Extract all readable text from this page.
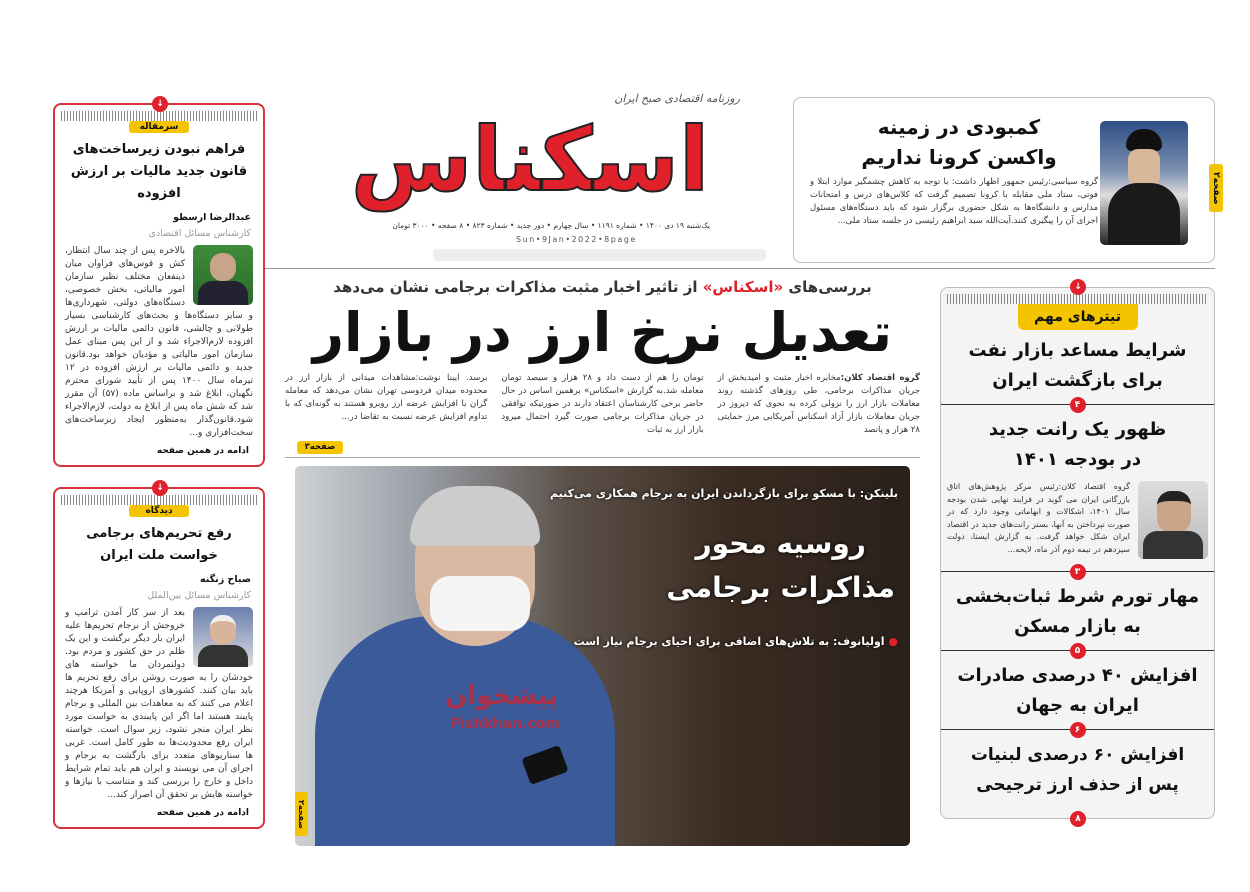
صفحه۲
کمبودی در زمینه
واکسن کرونا نداریم
گروه سیاسی:رئیس جمهور اظهار داشت: با توجه به کاهش چشمگیر موارد ابتلا و فوتی، ستاد ملی مقابله با کرونا تصمیم گرفت که کلاس‌های درس و امتحانات مدارس و دانشگاه‌ها به شکل حضوری برگزار شود که باید دستگاه‌های مسئول اجرای آن را پیگیری کنند.آیت‌الله سید ابراهیم رئیسی در جلسه ستاد ملی...
روزنامه اقتصادی صبح ایران
اسکناس
یک‌شنبه ۱۹ دی ۱۴۰۰ • شماره ۱۱۹۱ • سال چهارم • دور جدید • شماره ۸۲۳ • ۸ صفحه • ۳۰۰۰ تومان
Sun•9Jan•2022•8page
↓
سرمقاله
فراهم نبودن زیرساخت‌های قانون جدید مالیات بر ارزش افزوده
عبدالرضا ارسطو
کارشناس مسائل اقتصادی
بالاخره پس از چند سال انتظار، کش و قوس‌های فراوان میان ذینفعان مختلف نظیر سازمان امور مالیاتی، بخش خصوصی، دستگاه‌های دولتی، شهرداری‌ها و سایر دستگاه‌ها و بحث‌های کارشناسی بسیار طولانی و چالشی، قانون دائمی مالیات بر ارزش افزوده لازم‌الاجراء شد و از این پس مبنای عمل سازمان امور مالیاتی و مؤدیان خواهد بود.قانون جدید و دائمی مالیات بر ارزش افزوده در ۱۲ تیرماه سال ۱۴۰۰ پس از تأیید شورای محترم نگهبان، ابلاغ شد و براساس ماده (۵۷) آن مقرر شد که شش ماه پس از ابلاغ به دولت، لازم‌الاجراء شود.قانون‌گذار به‌منظور ایجاد زیرساخت‌های سخت‌افزاری و...
ادامه در همین صفحه
↓
دیدگاه
رفع تحریم‌های برجامی خواست ملت ایران
صباح زنگنه
کارشناس مسائل بین‌الملل
بعد از سر کار آمدن ترامپ و خروجش از برجام تحریم‌ها علیه ایران بار دیگر برگشت و این یک ظلم در حق کشور و مردم بود. دولتمردان ما خواسته های خودشان را به صورت روشن برای رفع تحریم ها باید بیان کنند. کشورهای اروپایی و آمریکا هرچند اعلام می کنند که به معاهدات بین المللی و برجام پایبند هستند اما اگر این پایبندی به خواست مورد نظر ایران منجر نشود، زیر سوال است. خواسته ایران رفع محدودیت‌ها به طور کامل است. غربی ها سناریوهای متعدد برای بازگشت به برجام و اجرای آن می نویسند و ایران هم باید تمام شرایط داخل و خارج را بررسی کند و متناسب با نیازها و خواسته هایش بر تحقق آن اصرار کند...
ادامه در همین صفحه
بررسی‌های «اسکناس» از تاثیر اخبار مثبت مذاکرات برجامی نشان می‌دهد
تعدیل نرخ ارز در بازار
گروه اقتصاد کلان:مخابره اخبار مثبت و امیدبخش از جریان مذاکرات برجامی، طی روزهای گذشته روند معاملات بازار ارز را نزولی کرده به نحوی که دیروز در جریان معاملات بازار آزاد اسکناس آمریکایی مرز حمایتی ۲۸ هزار و پانصد
تومان را هم از دست داد و ۲۸ هزار و سیصد تومان معامله شد.به گزارش «اسکناس» برهمین اساس در حال حاضر برخی کارشناسان اعتقاد دارند در صورتیکه توافقی در جریان مذاکرات برجامی صورت گیرد احتمال میرود بازار ارز به ثبات
برسد. ایبنا نوشت:مشاهدات میدانی از بازار ارز در محدوده میدان فردوسی تهران نشان می‌دهد که معامله گران با افزایش عرضه ارز روبرو هستند به گونه‌ای که با تداوم افزایش عرضه نسبت به تقاضا در...
صفحه۳
پیشخوان
Pishkhan.com
بلینکن: با مسکو برای بازگرداندن ایران به برجام همکاری می‌کنیم
روسیه محور
مذاکرات برجامی
● اولیانوف: به تلاش‌های اضافی برای احیای برجام نیاز است
صفحه۲
↓
تیترهای مهم
شرایط مساعد بازار نفت
برای بازگشت ایران
۴
ظهور یک رانت جدید
در بودجه ۱۴۰۱
گروه اقتصاد کلان:رئیس مرکز پژوهش‌های اتاق بازرگانی ایران می گوید در فرایند نهایی شدن بودجه سال ۱۴۰۱، اشکالات و ابهاماتی وجود دارد که در صورت نپرداختن به آنها، بستر رانت‌های جدید در اقتصاد ایران شکل خواهد گرفت. به گزارش ایسنا، دولت سیزدهم در نیمه دوم آذر ماه، لایحه...
۳
مهار تورم شرط ثبات‌بخشی
به بازار مسکن
۵
افزایش ۴۰ درصدی صادرات
ایران به جهان
۶
افزایش ۶۰ درصدی لبنیات
پس از حذف ارز ترجیحی
۸
